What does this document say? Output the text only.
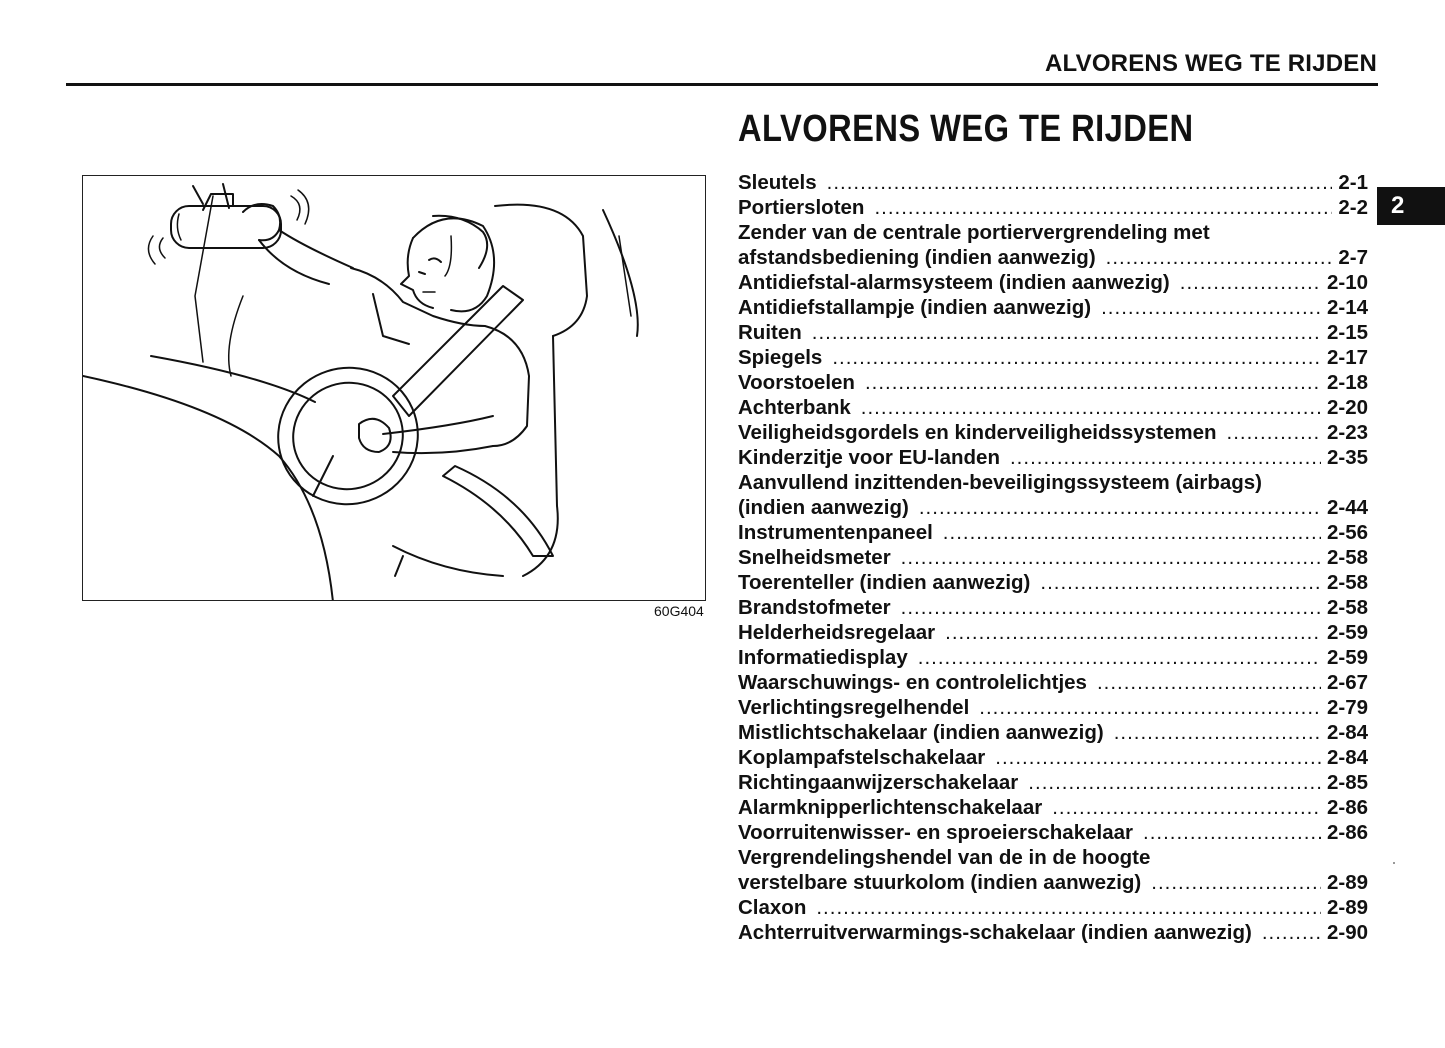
ALVORENS WEG TE RIJDEN
ALVORENS WEG TE RIJDEN
2
60G404
Sleutels .....	2-1
Portiersloten .....	2-2
Zender van de centrale portiervergrendeling met
afstandsbediening (indien aanwezig) .....	2-7
Antidiefstal-alarmsysteem (indien aanwezig) .....	2-10
Antidiefstallampje (indien aanwezig) .....	2-14
Ruiten .....	2-15
Spiegels .....	2-17
Voorstoelen .....	2-18
Achterbank .....	2-20
Veiligheidsgordels en kinderveiligheidssystemen .....	2-23
Kinderzitje voor EU-landen .....	2-35
Aanvullend inzittenden-beveiligingssysteem (airbags)
(indien aanwezig) .....	2-44
Instrumentenpaneel .....	2-56
Snelheidsmeter .....	2-58
Toerenteller (indien aanwezig) .....	2-58
Brandstofmeter .....	2-58
Helderheidsregelaar .....	2-59
Informatiedisplay .....	2-59
Waarschuwings- en controlelichtjes .....	2-67
Verlichtingsregelhendel .....	2-79
Mistlichtschakelaar (indien aanwezig) .....	2-84
Koplampafstelschakelaar .....	2-84
Richtingaanwijzerschakelaar .....	2-85
Alarmknipperlichtenschakelaar .....	2-86
Voorruitenwisser- en sproeierschakelaar .....	2-86
Vergrendelingshendel van de in de hoogte
verstelbare stuurkolom (indien aanwezig) .....	2-89
Claxon .....	2-89
Achterruitverwarmings-schakelaar (indien aanwezig) .....	2-90
